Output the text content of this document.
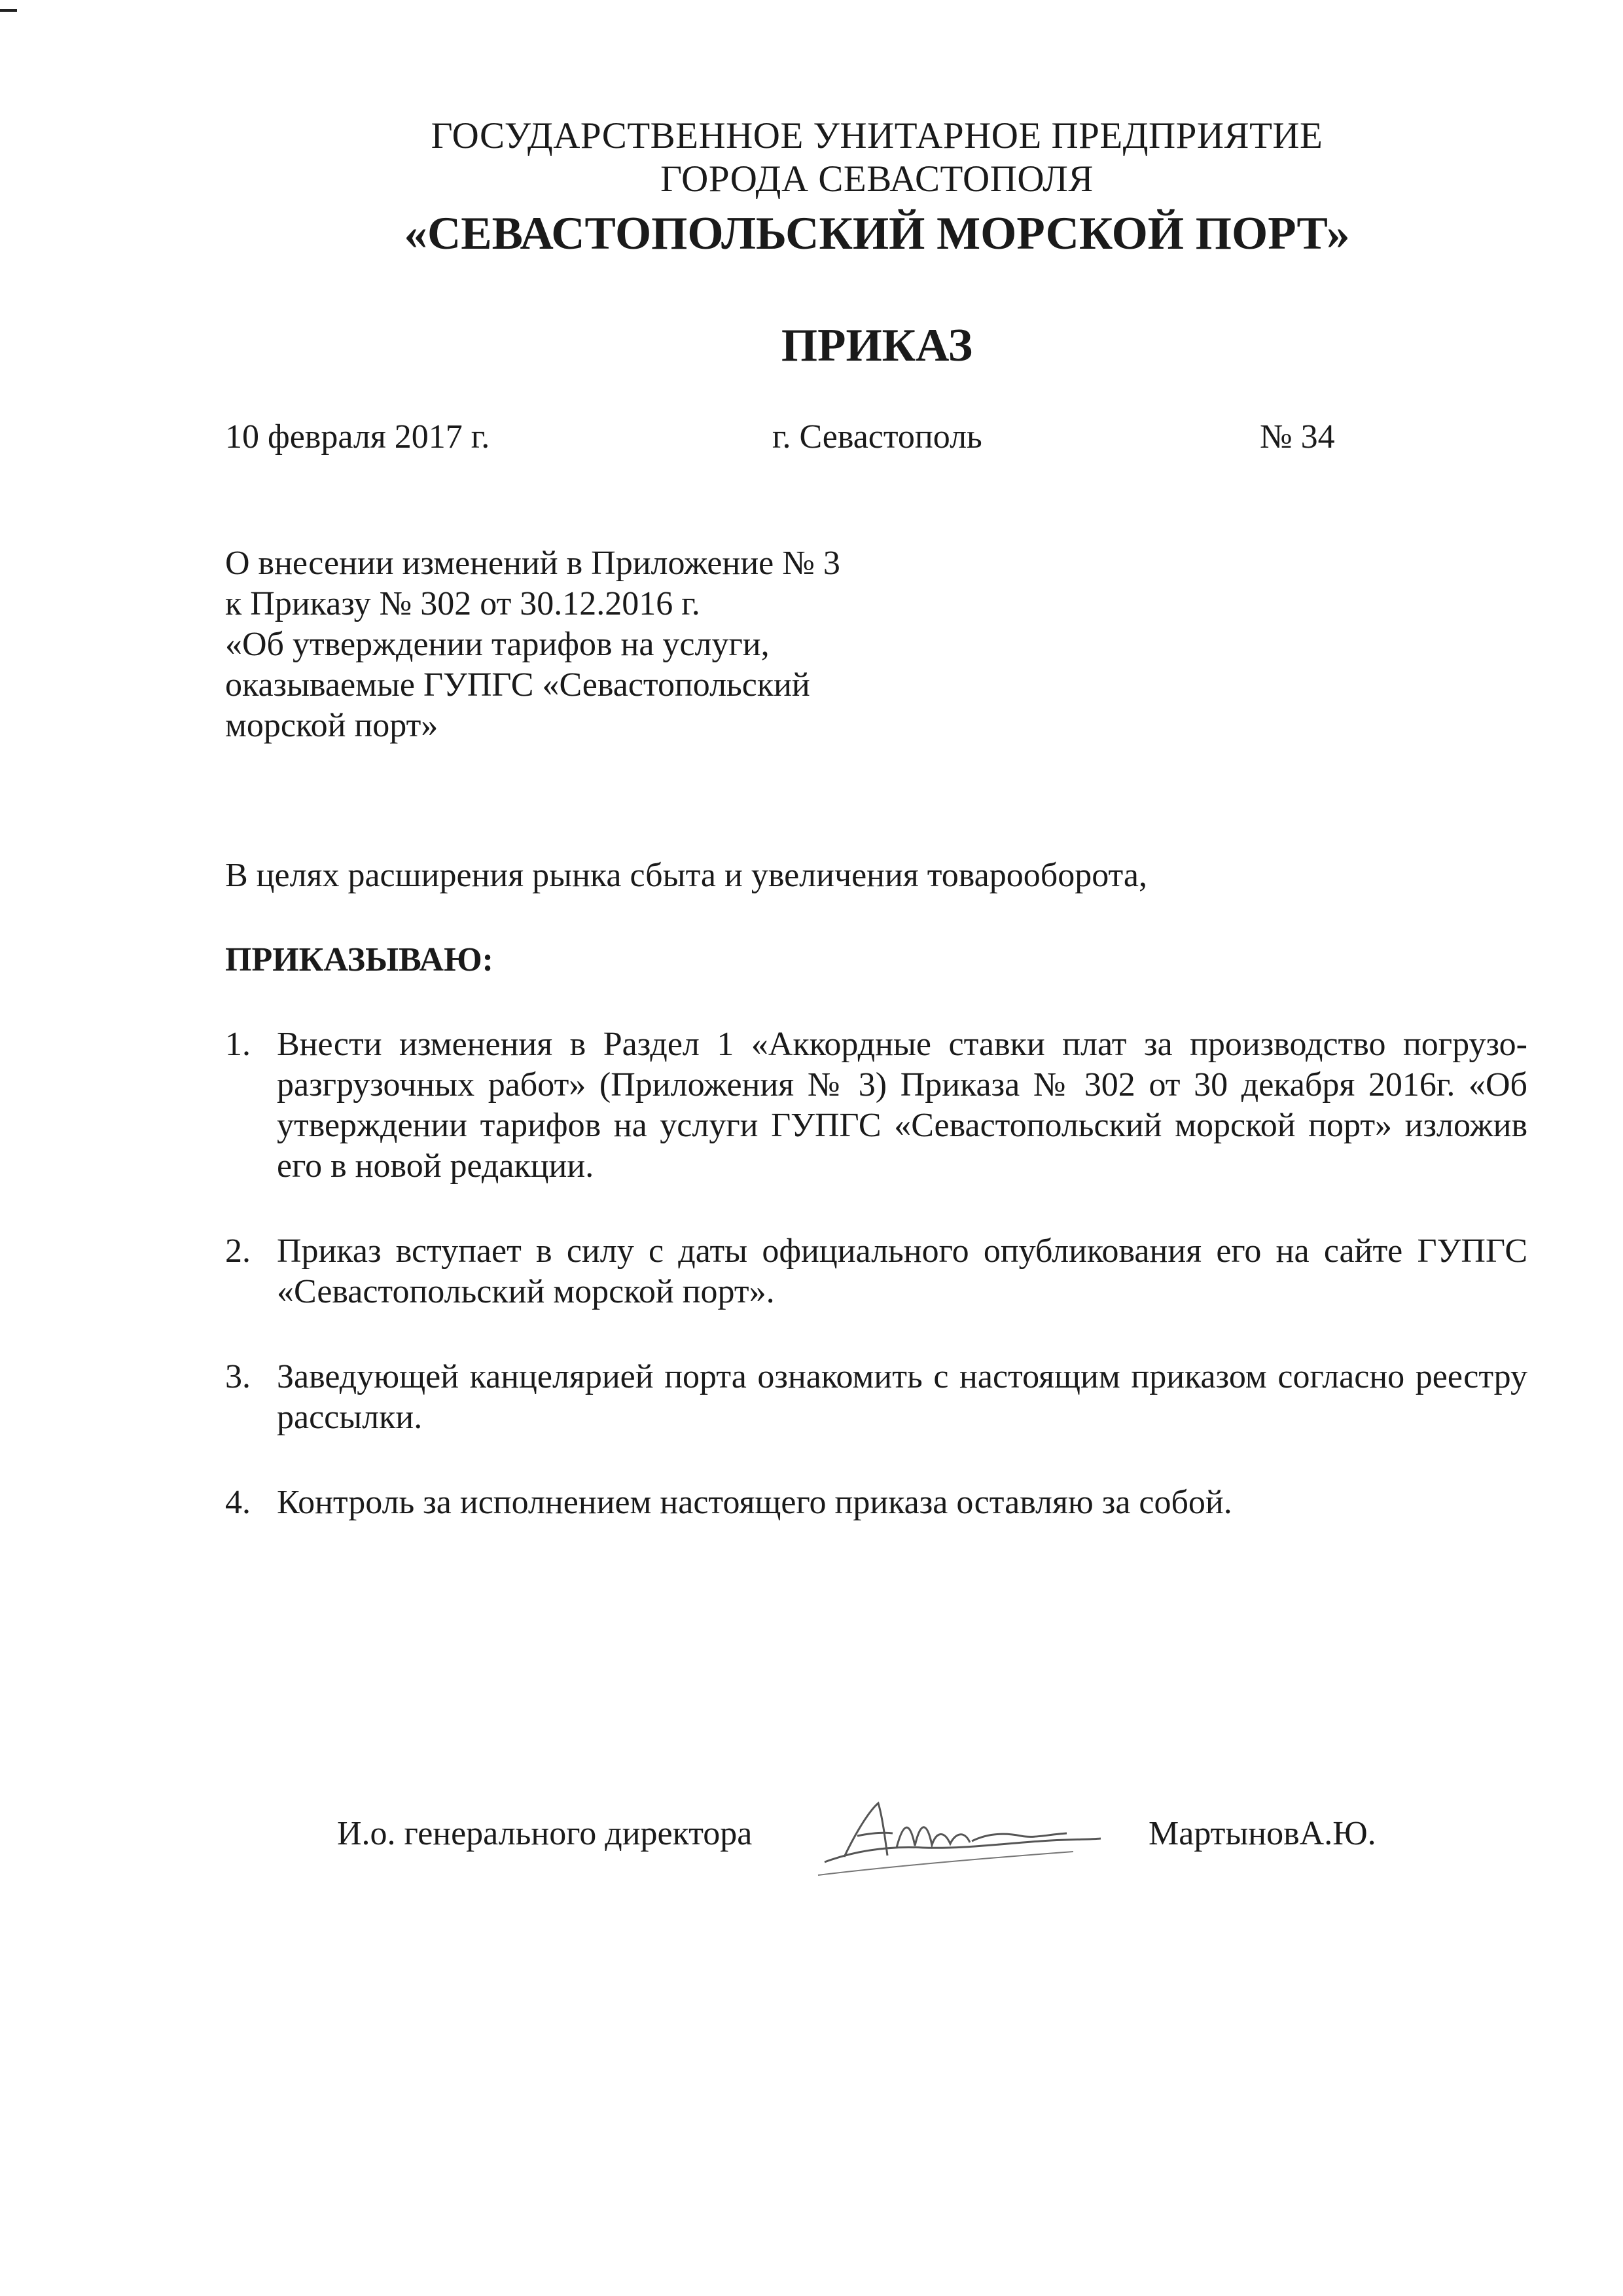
ГОСУДАРСТВЕННОЕ УНИТАРНОЕ ПРЕДПРИЯТИЕ
ГОРОДА СЕВАСТОПОЛЯ
«СЕВАСТОПОЛЬСКИЙ МОРСКОЙ ПОРТ»
ПРИКАЗ
10 февраля 2017 г.	г. Севастополь	№ 34
О внесении изменений в Приложение № 3
к Приказу № 302 от 30.12.2016 г.
«Об утверждении тарифов на услуги,
оказываемые ГУПГС «Севастопольский
морской порт»
В целях расширения рынка сбыта и увеличения товарооборота,
ПРИКАЗЫВАЮ:
1. Внести изменения в Раздел 1 «Аккордные ставки плат за производство погрузо-разгрузочных работ» (Приложения № 3) Приказа № 302 от 30 декабря 2016г. «Об утверждении тарифов на услуги ГУПГС «Севастопольский морской порт» изложив его в новой редакции.
2. Приказ вступает в силу с даты официального опубликования его на сайте ГУПГС «Севастопольский морской порт».
3. Заведующей канцелярией порта ознакомить с настоящим приказом согласно реестру рассылки.
4. Контроль за исполнением настоящего приказа оставляю за собой.
И.о. генерального директора	МартыновА.Ю.
